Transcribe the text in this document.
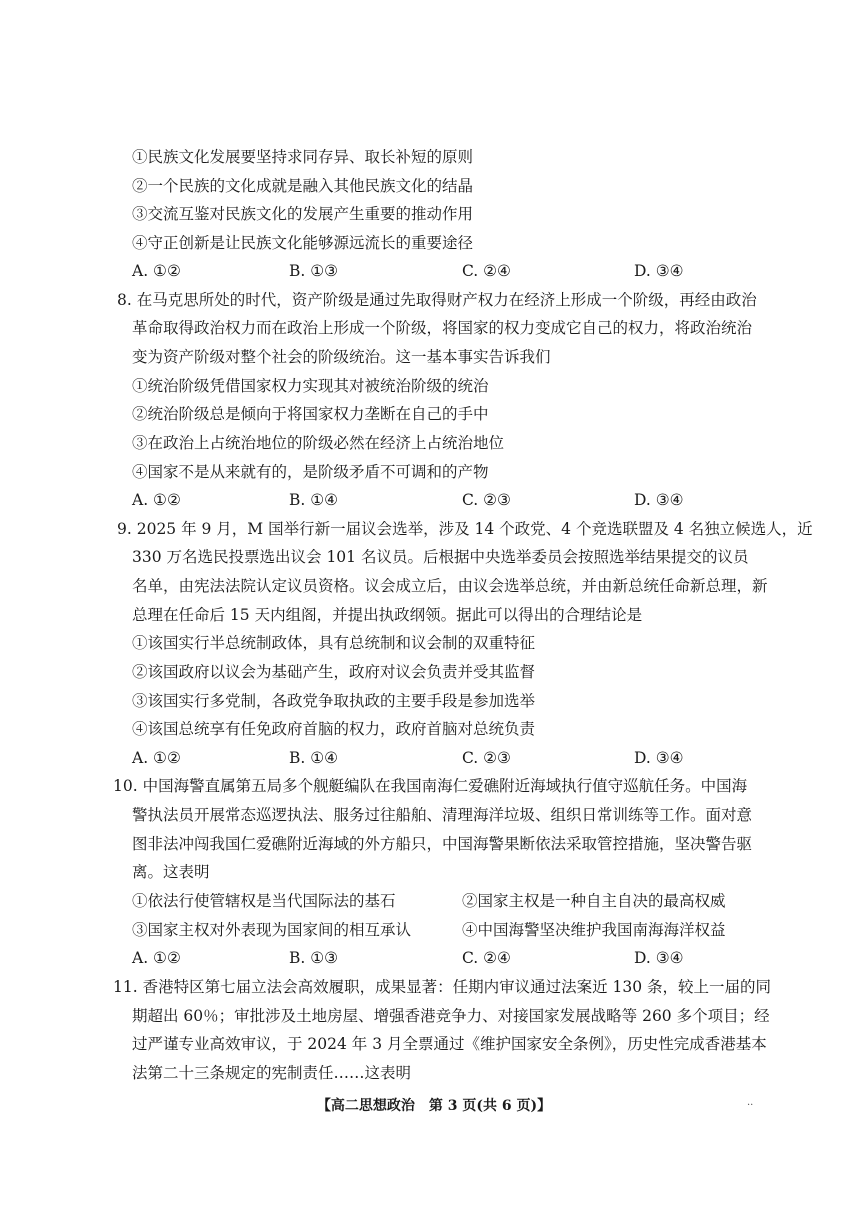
①民族文化发展要坚持求同存异、取长补短的原则
②一个民族的文化成就是融入其他民族文化的结晶
③交流互鉴对民族文化的发展产生重要的推动作用
④守正创新是让民族文化能够源远流长的重要途径
A. ①②	B. ①③	C. ②④	D. ③④
8. 在马克思所处的时代，资产阶级是通过先取得财产权力在经济上形成一个阶级，再经由政治
革命取得政治权力而在政治上形成一个阶级，将国家的权力变成它自己的权力，将政治统治
变为资产阶级对整个社会的阶级统治。这一基本事实告诉我们
①统治阶级凭借国家权力实现其对被统治阶级的统治
②统治阶级总是倾向于将国家权力垄断在自己的手中
③在政治上占统治地位的阶级必然在经济上占统治地位
④国家不是从来就有的，是阶级矛盾不可调和的产物
A. ①②	B. ①④	C. ②③	D. ③④
9. 2025 年 9 月，M 国举行新一届议会选举，涉及 14 个政党、4 个竞选联盟及 4 名独立候选人，近
330 万名选民投票选出议会 101 名议员。后根据中央选举委员会按照选举结果提交的议员
名单，由宪法法院认定议员资格。议会成立后，由议会选举总统，并由新总统任命新总理，新
总理在任命后 15 天内组阁，并提出执政纲领。据此可以得出的合理结论是
①该国实行半总统制政体，具有总统制和议会制的双重特征
②该国政府以议会为基础产生，政府对议会负责并受其监督
③该国实行多党制，各政党争取执政的主要手段是参加选举
④该国总统享有任免政府首脑的权力，政府首脑对总统负责
A. ①②	B. ①④	C. ②③	D. ③④
10. 中国海警直属第五局多个舰艇编队在我国南海仁爱礁附近海域执行值守巡航任务。中国海
警执法员开展常态巡逻执法、服务过往船舶、清理海洋垃圾、组织日常训练等工作。面对意
图非法冲闯我国仁爱礁附近海域的外方船只，中国海警果断依法采取管控措施，坚决警告驱
离。这表明
①依法行使管辖权是当代国际法的基石	②国家主权是一种自主自决的最高权威
③国家主权对外表现为国家间的相互承认	④中国海警坚决维护我国南海海洋权益
A. ①②	B. ①③	C. ②④	D. ③④
11. 香港特区第七届立法会高效履职，成果显著：任期内审议通过法案近 130 条，较上一届的同
期超出 60％；审批涉及土地房屋、增强香港竞争力、对接国家发展战略等 260 多个项目；经
过严谨专业高效审议，于 2024 年 3 月全票通过《维护国家安全条例》，历史性完成香港基本
法第二十三条规定的宪制责任……这表明
【高二思想政治　第 3 页(共 6 页)】	··
